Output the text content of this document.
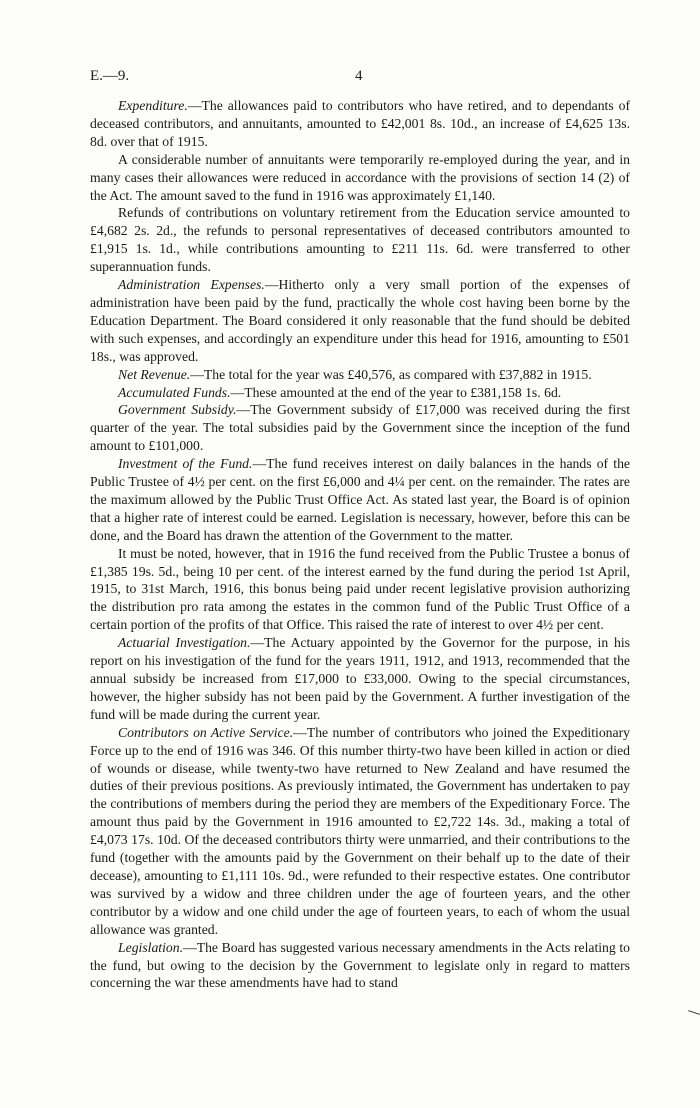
E.—9.	4

Expenditure.—The allowances paid to contributors who have retired, and to dependants of deceased contributors, and annuitants, amounted to £42,001 8s. 10d., an increase of £4,625 13s. 8d. over that of 1915.

A considerable number of annuitants were temporarily re-employed during the year, and in many cases their allowances were reduced in accordance with the provisions of section 14 (2) of the Act. The amount saved to the fund in 1916 was approximately £1,140.

Refunds of contributions on voluntary retirement from the Education service amounted to £4,682 2s. 2d., the refunds to personal representatives of deceased contributors amounted to £1,915 1s. 1d., while contributions amounting to £211 11s. 6d. were transferred to other superannuation funds.

Administration Expenses.—Hitherto only a very small portion of the expenses of administration have been paid by the fund, practically the whole cost having been borne by the Education Department. The Board considered it only reasonable that the fund should be debited with such expenses, and accordingly an expenditure under this head for 1916, amounting to £501 18s., was approved.

Net Revenue.—The total for the year was £40,576, as compared with £37,882 in 1915.

Accumulated Funds.—These amounted at the end of the year to £381,158 1s. 6d.

Government Subsidy.—The Government subsidy of £17,000 was received during the first quarter of the year. The total subsidies paid by the Government since the inception of the fund amount to £101,000.

Investment of the Fund.—The fund receives interest on daily balances in the hands of the Public Trustee of 4½ per cent. on the first £6,000 and 4¼ per cent. on the remainder. The rates are the maximum allowed by the Public Trust Office Act. As stated last year, the Board is of opinion that a higher rate of interest could be earned. Legislation is necessary, however, before this can be done, and the Board has drawn the attention of the Government to the matter.

It must be noted, however, that in 1916 the fund received from the Public Trustee a bonus of £1,385 19s. 5d., being 10 per cent. of the interest earned by the fund during the period 1st April, 1915, to 31st March, 1916, this bonus being paid under recent legislative provision authorizing the distribution pro rata among the estates in the common fund of the Public Trust Office of a certain portion of the profits of that Office. This raised the rate of interest to over 4½ per cent.

Actuarial Investigation.—The Actuary appointed by the Governor for the purpose, in his report on his investigation of the fund for the years 1911, 1912, and 1913, recommended that the annual subsidy be increased from £17,000 to £33,000. Owing to the special circumstances, however, the higher subsidy has not been paid by the Government. A further investigation of the fund will be made during the current year.

Contributors on Active Service.—The number of contributors who joined the Expeditionary Force up to the end of 1916 was 346. Of this number thirty-two have been killed in action or died of wounds or disease, while twenty-two have returned to New Zealand and have resumed the duties of their previous positions. As previously intimated, the Government has undertaken to pay the contributions of members during the period they are members of the Expeditionary Force. The amount thus paid by the Government in 1916 amounted to £2,722 14s. 3d., making a total of £4,073 17s. 10d. Of the deceased contributors thirty were unmarried, and their contributions to the fund (together with the amounts paid by the Government on their behalf up to the date of their decease), amounting to £1,111 10s. 9d., were refunded to their respective estates. One contributor was survived by a widow and three children under the age of fourteen years, and the other contributor by a widow and one child under the age of fourteen years, to each of whom the usual allowance was granted.

Legislation.—The Board has suggested various necessary amendments in the Acts relating to the fund, but owing to the decision by the Government to legislate only in regard to matters concerning the war these amendments have had to stand
